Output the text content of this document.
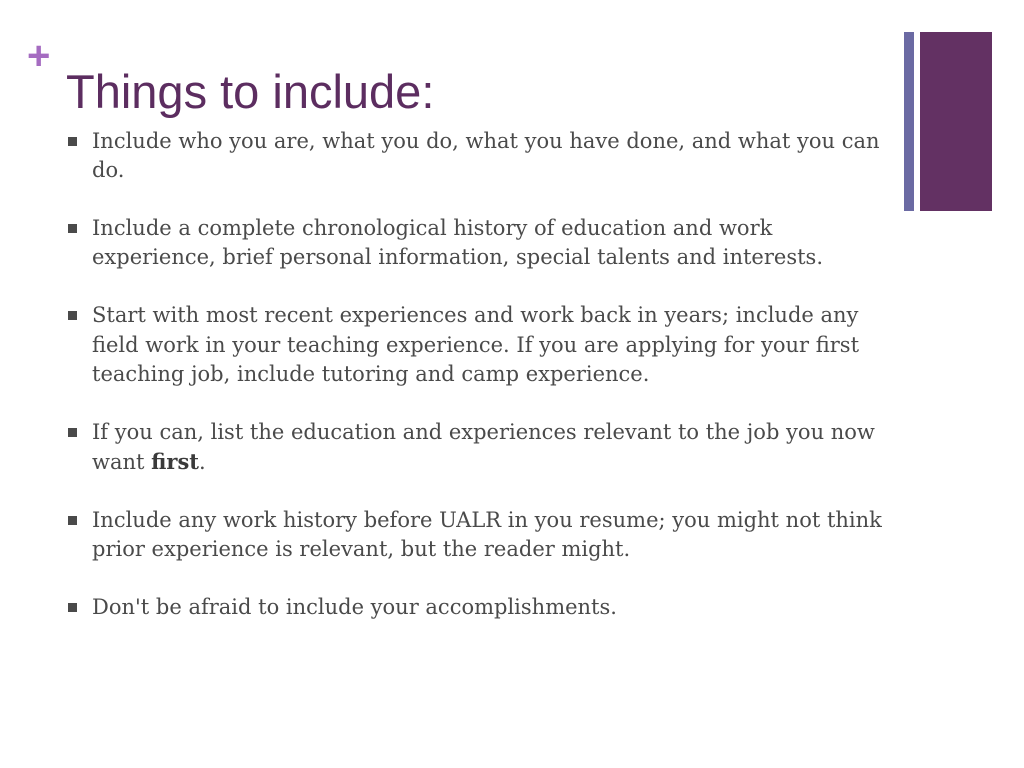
+
Things to include:
Include who you are, what you do, what you have done, and what you can do.
Include a complete chronological history of education and work experience, brief personal information, special talents and interests.
Start with most recent experiences and work back in years; include any field work in your teaching experience. If you are applying for your first teaching job, include tutoring and camp experience.
If you can, list the education and experiences relevant to the job you now want first.
Include any work history before UALR in you resume; you might not think prior experience is relevant, but the reader might.
Don't be afraid to include your accomplishments.
